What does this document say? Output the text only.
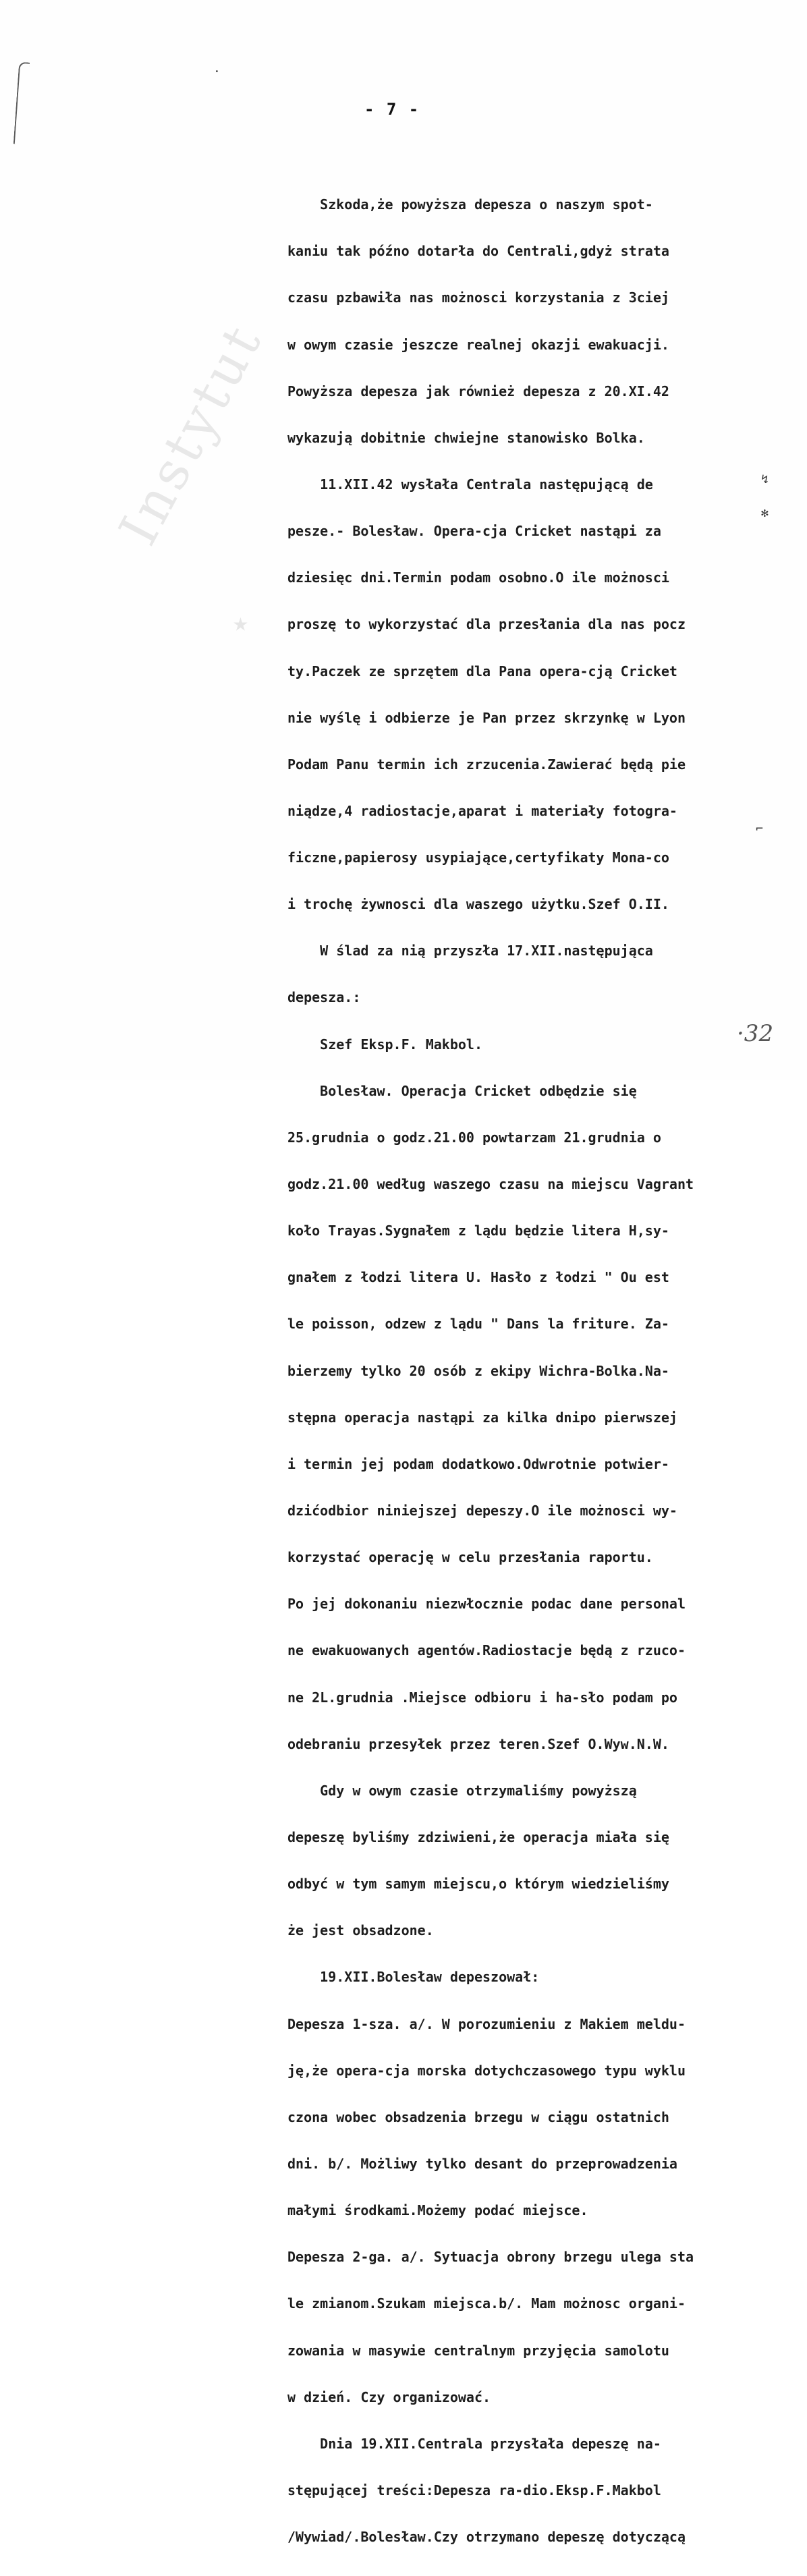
- 7 -
Instytut
★

Szkoda,że powyższa depesza o naszym spot-

kaniu tak późno dotarła do Centrali,gdyż strata

czasu pzbawiła nas możnosci korzystania z 3ciej

w owym czasie jeszcze realnej okazji ewakuacji.

Powyższa depesza jak również depesza z 20.XI.42

wykazują dobitnie chwiejne stanowisko Bolka.

11.XII.42 wysłała Centrala następującą de

pesze.- Bolesław. Opera-cja Cricket nastąpi za

dziesięc dni.Termin podam osobno.O ile możnosci

proszę to wykorzystać dla przesłania dla nas pocz

ty.Paczek ze sprzętem dla Pana opera-cją Cricket

nie wyślę i odbierze je Pan przez skrzynkę w Lyon

Podam Panu termin ich zrzucenia.Zawierać będą pie

niądze,4 radiostacje,aparat i materiały fotogra-

ficzne,papierosy usypiające,certyfikaty Mona-co

i trochę żywnosci dla waszego użytku.Szef O.II.

W ślad za nią przyszła 17.XII.następująca

depesza.:

Szef Eksp.F. Makbol.

Bolesław. Operacja Cricket odbędzie się

25.grudnia o godz.21.00 powtarzam 21.grudnia o

godz.21.00 według waszego czasu na miejscu Vagrant

koło Trayas.Sygnałem z lądu będzie litera H,sy-

gnałem z łodzi litera U. Hasło z łodzi " Ou est

le poisson, odzew z lądu " Dans la friture. Za-

bierzemy tylko 20 osób z ekipy Wichra-Bolka.Na-

stępna operacja nastąpi za kilka dnipo pierwszej

i termin jej podam dodatkowo.Odwrotnie potwier-

dzićodbior niniejszej depeszy.O ile możnosci wy-

korzystać operację w celu przesłania raportu.

Po jej dokonaniu niezwłocznie podac dane personal

ne ewakuowanych agentów.Radiostacje będą z rzuco-

ne 2L.grudnia .Miejsce odbioru i ha-sło podam po

odebraniu przesyłek przez teren.Szef O.Wyw.N.W.

Gdy w owym czasie otrzymaliśmy powyższą

depeszę byliśmy zdziwieni,że operacja miała się

odbyć w tym samym miejscu,o którym wiedzieliśmy

że jest obsadzone.

19.XII.Bolesław depeszował:

Depesza 1-sza. a/. W porozumieniu z Makiem meldu-

ję,że opera-cja morska dotychczasowego typu wyklu

czona wobec obsadzenia brzegu w ciągu ostatnich

dni. b/. Możliwy tylko desant do przeprowadzenia

małymi środkami.Możemy podać miejsce.

Depesza 2-ga. a/. Sytuacja obrony brzegu ulega sta

le zmianom.Szukam miejsca.b/. Mam możnosc organi-

zowania w masywie centralnym przyjęcia samolotu

w dzień. Czy organizować.

Dnia 19.XII.Centrala przysłała depeszę na-

stępującej treści:Depesza ra-dio.Eksp.F.Makbol

/Wywiad/.Bolesław.Czy otrzymano depeszę dotyczącą

·
↯
✻
⌐
·32
